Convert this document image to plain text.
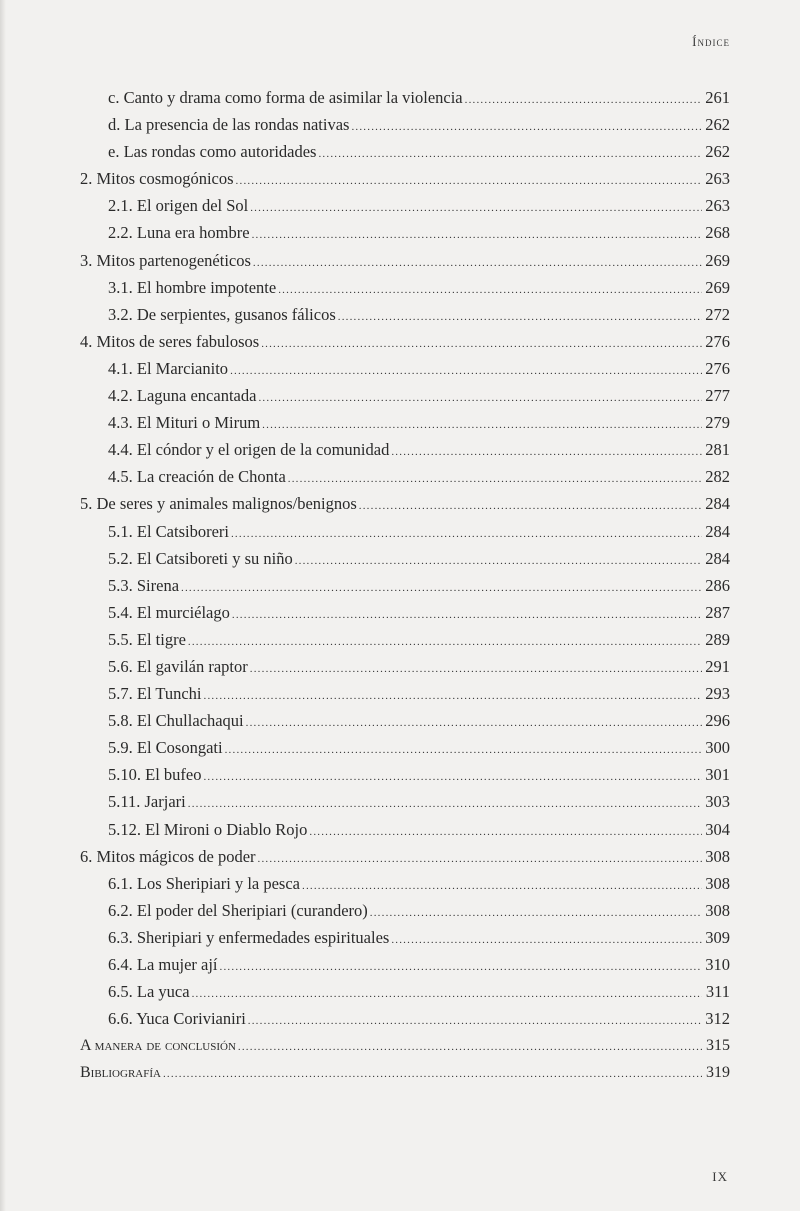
Índice
c. Canto y drama como forma de asimilar la violencia .....	261
d. La presencia de las rondas nativas .....	262
e. Las rondas como autoridades .....	262
2. Mitos cosmogónicos .....	263
2.1. El origen del Sol .....	263
2.2. Luna era hombre .....	268
3. Mitos partenogenéticos .....	269
3.1. El hombre impotente .....	269
3.2. De serpientes, gusanos fálicos .....	272
4. Mitos de seres fabulosos .....	276
4.1. El Marcianito .....	276
4.2. Laguna encantada .....	277
4.3. El Mituri o Mirum .....	279
4.4. El cóndor y el origen de la comunidad .....	281
4.5. La creación de Chonta .....	282
5. De seres y animales malignos/benignos .....	284
5.1. El Catsiboreri .....	284
5.2. El Catsiboreti y su niño .....	284
5.3. Sirena .....	286
5.4. El murciélago .....	287
5.5. El tigre .....	289
5.6. El gavilán raptor .....	291
5.7. El Tunchi .....	293
5.8. El Chullachaqui .....	296
5.9. El Cosongati .....	300
5.10. El bufeo .....	301
5.11. Jarjari .....	303
5.12. El Mironi o Diablo Rojo .....	304
6. Mitos mágicos de poder .....	308
6.1. Los Sheripiari y la pesca .....	308
6.2. El poder del Sheripiari (curandero) .....	308
6.3. Sheripiari y enfermedades espirituales .....	309
6.4. La mujer ají .....	310
6.5. La yuca .....	311
6.6. Yuca Corivianiri .....	312
A manera de conclusión .....	315
Bibliografía .....	319
IX
